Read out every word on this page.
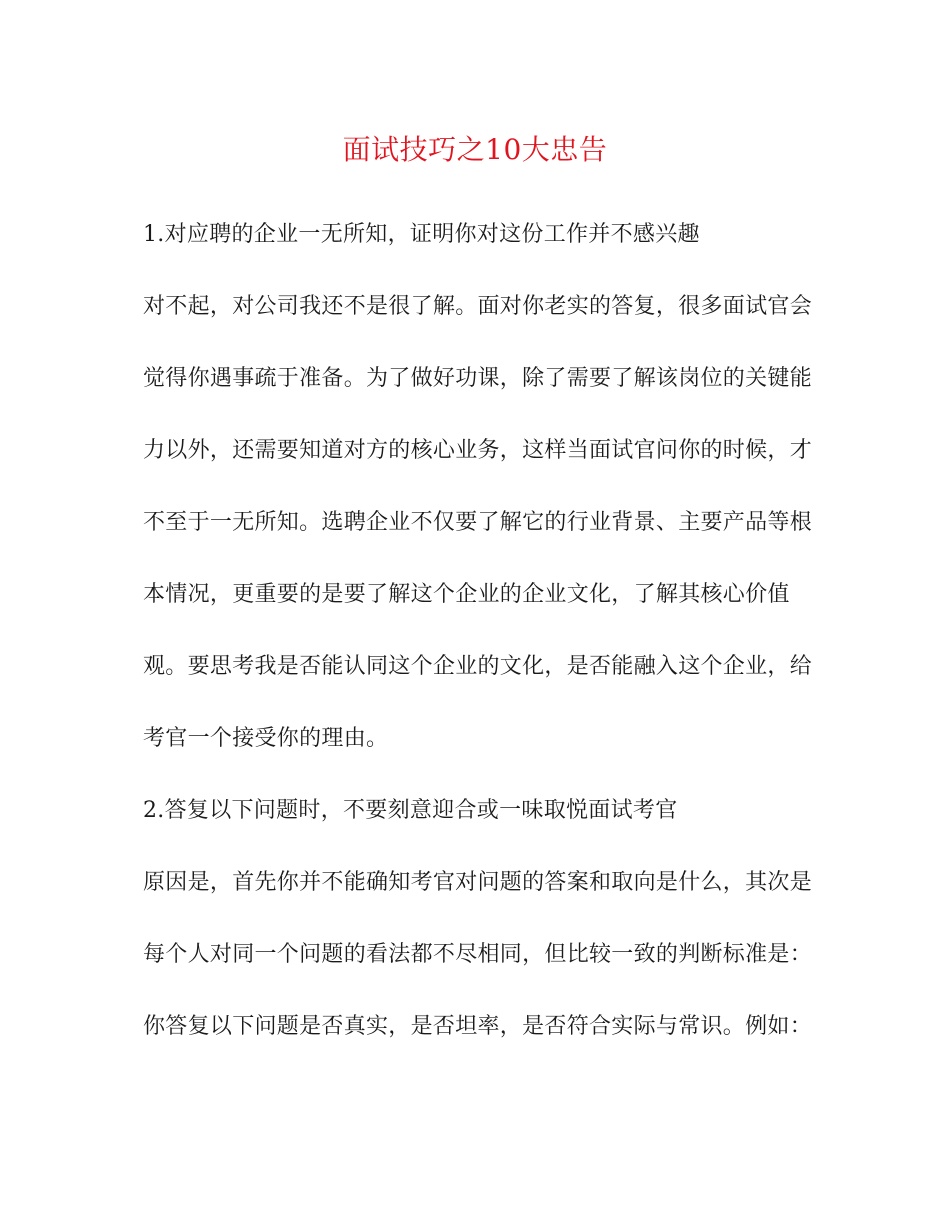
面试技巧之10大忠告
1.对应聘的企业一无所知，证明你对这份工作并不感兴趣
对不起，对公司我还不是很了解。面对你老实的答复，很多面试官会
觉得你遇事疏于准备。为了做好功课，除了需要了解该岗位的关键能
力以外，还需要知道对方的核心业务，这样当面试官问你的时候，才
不至于一无所知。选聘企业不仅要了解它的行业背景、主要产品等根
本情况，更重要的是要了解这个企业的企业文化，了解其核心价值
观。要思考我是否能认同这个企业的文化，是否能融入这个企业，给
考官一个接受你的理由。
2.答复以下问题时，不要刻意迎合或一味取悦面试考官
原因是，首先你并不能确知考官对问题的答案和取向是什么，其次是
每个人对同一个问题的看法都不尽相同，但比较一致的判断标准是：
你答复以下问题是否真实，是否坦率，是否符合实际与常识。例如：
